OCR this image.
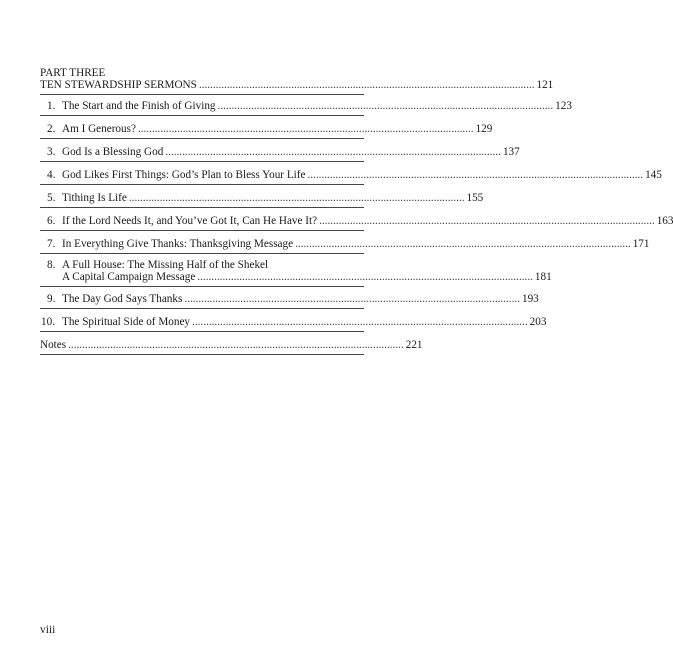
PART THREE
TEN STEWARDSHIP SERMONS ........................................................................................................................ 121
1. The Start and the Finish of Giving ........................................................................................................................ 123
2. Am I Generous? ........................................................................................................................ 129
3. God Is a Blessing God ........................................................................................................................ 137
4. God Likes First Things: God’s Plan to Bless Your Life ........................................................................................................................ 145
5. Tithing Is Life ........................................................................................................................ 155
6. If the Lord Needs It, and You’ve Got It, Can He Have It? ........................................................................................................................ 163
7. In Everything Give Thanks: Thanksgiving Message ........................................................................................................................ 171
8. A Full House: The Missing Half of the Shekel
A Capital Campaign Message ........................................................................................................................ 181
9. The Day God Says Thanks ........................................................................................................................ 193
10. The Spiritual Side of Money ........................................................................................................................ 203
Notes ........................................................................................................................ 221
viii
